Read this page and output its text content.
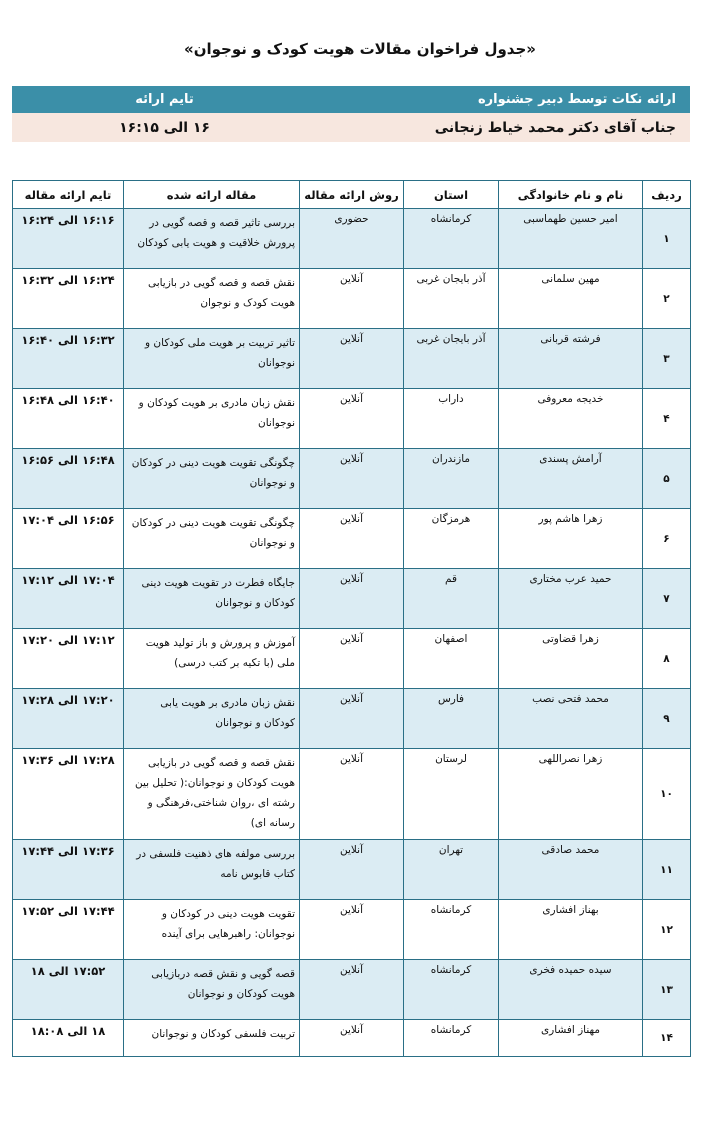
«جدول فراخوان مقالات هویت کودک و نوجوان»
ارائه نکات توسط دبیر جشنواره	تایم ارائه
جناب آقای دکتر محمد خیاط زنجانی	۱۶ الی ۱۶:۱۵
ردیف	نام و نام خانوادگی	استان	روش ارائه مقاله	مقاله ارائه شده	تایم ارائه مقاله
۱	امیر حسین طهماسبی	کرمانشاه	حضوری	بررسی تاثیر قصه و قصه گویی در پرورش خلاقیت و هویت یابی کودکان	۱۶:۱۶ الی ۱۶:۲۴
۲	مهین سلمانی	آذر بایجان غربی	آنلاین	نقش قصه و قصه گویی در بازیابی هویت کودک و نوجوان	۱۶:۲۴ الی ۱۶:۳۲
۳	فرشته قربانی	آذر بایجان غربی	آنلاین	تاثیر تربیت بر هویت ملی کودکان و نوجوانان	۱۶:۳۲ الی ۱۶:۴۰
۴	خدیجه معروفی	داراب	آنلاین	نقش زبان مادری بر هویت کودکان و نوجوانان	۱۶:۴۰ الی ۱۶:۴۸
۵	آرامش پسندی	مازندران	آنلاین	چگونگی تقویت هویت دینی در کودکان و نوجوانان	۱۶:۴۸ الی ۱۶:۵۶
۶	زهرا هاشم پور	هرمزگان	آنلاین	چگونگی تقویت هویت دینی در کودکان و نوجوانان	۱۶:۵۶ الی ۱۷:۰۴
۷	حمید عرب مختاری	قم	آنلاین	جایگاه فطرت در تقویت هویت دینی کودکان و نوجوانان	۱۷:۰۴ الی ۱۷:۱۲
۸	زهرا قضاوتی	اصفهان	آنلاین	آموزش و پرورش و باز تولید هویت ملی (با تکیه بر کتب درسی)	۱۷:۱۲ الی ۱۷:۲۰
۹	محمد فتحی نصب	فارس	آنلاین	نقش زبان مادری بر هویت یابی کودکان و نوجوانان	۱۷:۲۰ الی ۱۷:۲۸
۱۰	زهرا نصراللهی	لرستان	آنلاین	نقش قصه و قصه گویی در بازیابی هویت کودکان و نوجوانان:( تحلیل بین رشته ای ،روان شناختی،فرهنگی و رسانه ای)	۱۷:۲۸ الی ۱۷:۳۶
۱۱	محمد صادقی	تهران	آنلاین	بررسی مولفه های ذهنیت فلسفی در کتاب قابوس نامه	۱۷:۳۶ الی ۱۷:۴۴
۱۲	بهناز افشاری	کرمانشاه	آنلاین	تقویت هویت دینی در کودکان و نوجوانان: راهبرهایی برای آینده	۱۷:۴۴ الی ۱۷:۵۲
۱۳	سیده حمیده فخری	کرمانشاه	آنلاین	قصه گویی و نقش قصه دربازیابی هویت کودکان و نوجوانان	۱۷:۵۲ الی ۱۸
۱۴	مهناز افشاری	کرمانشاه	آنلاین	تربیت فلسفی کودکان و نوجوانان	۱۸ الی ۱۸:۰۸
